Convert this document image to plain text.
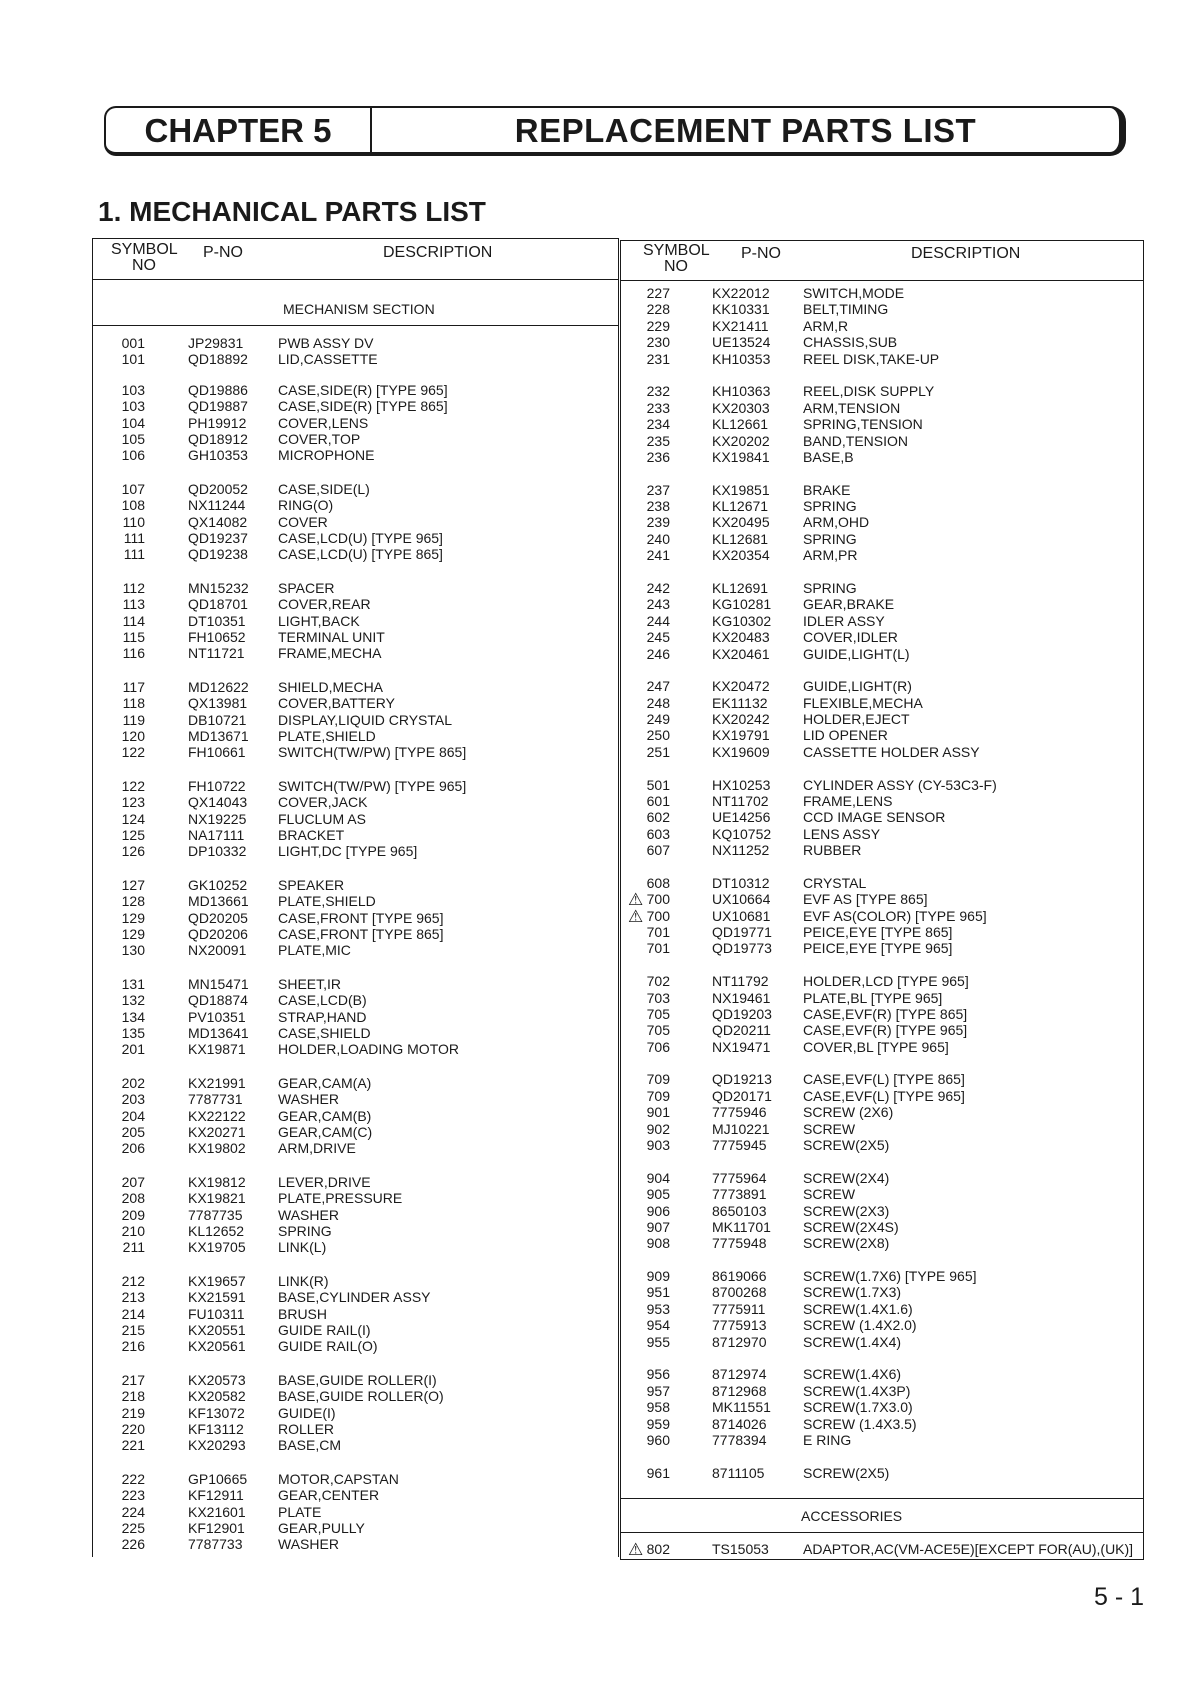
CHAPTER 5	REPLACEMENT PARTS LIST
1. MECHANICAL PARTS LIST
SYMBOL
NO
P-NO	DESCRIPTION
MECHANISM SECTION
001	JP29831 PWB ASSY DV
101	QD18892 LID,CASSETTE
103	QD19886 CASE,SIDE(R) [TYPE 965]
103	QD19887 CASE,SIDE(R) [TYPE 865]
104	PH19912 COVER,LENS
105	QD18912 COVER,TOP
106	GH10353 MICROPHONE
107	QD20052 CASE,SIDE(L)
108	NX11244 RING(O)
110	QX14082 COVER
111	QD19237 CASE,LCD(U) [TYPE 965]
111	QD19238 CASE,LCD(U) [TYPE 865]
112	MN15232 SPACER
113	QD18701 COVER,REAR
114	DT10351 LIGHT,BACK
115	FH10652 TERMINAL UNIT
116	NT11721 FRAME,MECHA
117	MD12622 SHIELD,MECHA
118	QX13981 COVER,BATTERY
119	DB10721 DISPLAY,LIQUID CRYSTAL
120	MD13671 PLATE,SHIELD
122	FH10661 SWITCH(TW/PW) [TYPE 865]
122	FH10722 SWITCH(TW/PW) [TYPE 965]
123	QX14043 COVER,JACK
124	NX19225 FLUCLUM AS
125	NA17111 BRACKET
126	DP10332 LIGHT,DC [TYPE 965]
127	GK10252 SPEAKER
128	MD13661 PLATE,SHIELD
129	QD20205 CASE,FRONT [TYPE 965]
129	QD20206 CASE,FRONT [TYPE 865]
130	NX20091 PLATE,MIC
131	MN15471 SHEET,IR
132	QD18874 CASE,LCD(B)
134	PV10351 STRAP,HAND
135	MD13641 CASE,SHIELD
201	KX19871 HOLDER,LOADING MOTOR
202	KX21991 GEAR,CAM(A)
203	7787731	WASHER
204	KX22122 GEAR,CAM(B)
205	KX20271 GEAR,CAM(C)
206	KX19802 ARM,DRIVE
207	KX19812 LEVER,DRIVE
208	KX19821 PLATE,PRESSURE
209	7787735	WASHER
210	KL12652 SPRING
211	KX19705 LINK(L)
212	KX19657 LINK(R)
213	KX21591 BASE,CYLINDER ASSY
214	FU10311 BRUSH
215	KX20551 GUIDE RAIL(I)
216	KX20561 GUIDE RAIL(O)
217	KX20573 BASE,GUIDE ROLLER(I)
218	KX20582 BASE,GUIDE ROLLER(O)
219	KF13072 GUIDE(I)
220	KF13112 ROLLER
221	KX20293 BASE,CM
222	GP10665 MOTOR,CAPSTAN
223	KF12911 GEAR,CENTER
224	KX21601 PLATE
225	KF12901 GEAR,PULLY
226	7787733	WASHER
SYMBOL
NO
P-NO	DESCRIPTION
227	KX22012 SWITCH,MODE
228	KK10331 BELT,TIMING
229	KX21411 ARM,R
230	UE13524 CHASSIS,SUB
231	KH10353 REEL DISK,TAKE-UP
232	KH10363 REEL,DISK SUPPLY
233	KX20303 ARM,TENSION
234	KL12661 SPRING,TENSION
235	KX20202 BAND,TENSION
236	KX19841 BASE,B
237	KX19851 BRAKE
238	KL12671 SPRING
239	KX20495 ARM,OHD
240	KL12681 SPRING
241	KX20354 ARM,PR
242	KL12691 SPRING
243	KG10281 GEAR,BRAKE
244	KG10302 IDLER ASSY
245	KX20483 COVER,IDLER
246	KX20461 GUIDE,LIGHT(L)
247	KX20472 GUIDE,LIGHT(R)
248	EK11132	FLEXIBLE,MECHA
249	KX20242 HOLDER,EJECT
250	KX19791 LID OPENER
251	KX19609 CASSETTE HOLDER ASSY
501	HX10253 CYLINDER ASSY (CY-53C3-F)
601	NT11702 FRAME,LENS
602	UE14256 CCD IMAGE SENSOR
603	KQ10752 LENS ASSY
607	NX11252 RUBBER
608	DT10312 CRYSTAL
700	UX10664 EVF AS [TYPE 865]
⚠
700	UX10681 EVF AS(COLOR) [TYPE 965]
⚠
701	QD19771 PEICE,EYE [TYPE 865]
701	QD19773 PEICE,EYE [TYPE 965]
702	NT11792 HOLDER,LCD [TYPE 965]
703	NX19461 PLATE,BL [TYPE 965]
705	QD19203 CASE,EVF(R) [TYPE 865]
705	QD20211 CASE,EVF(R) [TYPE 965]
706	NX19471 COVER,BL [TYPE 965]
709	QD19213 CASE,EVF(L) [TYPE 865]
709	QD20171 CASE,EVF(L) [TYPE 965]
901	7775946	SCREW (2X6)
902	MJ10221 SCREW
903	7775945	SCREW(2X5)
904	7775964	SCREW(2X4)
905	7773891	SCREW
906	8650103	SCREW(2X3)
907	MK11701 SCREW(2X4S)
908	7775948	SCREW(2X8)
909	8619066	SCREW(1.7X6) [TYPE 965]
951	8700268	SCREW(1.7X3)
953	7775911	SCREW(1.4X1.6)
954	7775913	SCREW (1.4X2.0)
955	8712970	SCREW(1.4X4)
956	8712974	SCREW(1.4X6)
957	8712968	SCREW(1.4X3P)
958	MK11551 SCREW(1.7X3.0)
959	8714026	SCREW (1.4X3.5)
960	7778394	E RING
961	8711105	SCREW(2X5)
ACCESSORIES
802	TS15053 ADAPTOR,AC(VM-ACE5E)[EXCEPT FOR(AU),(UK)]
⚠
5 - 1
